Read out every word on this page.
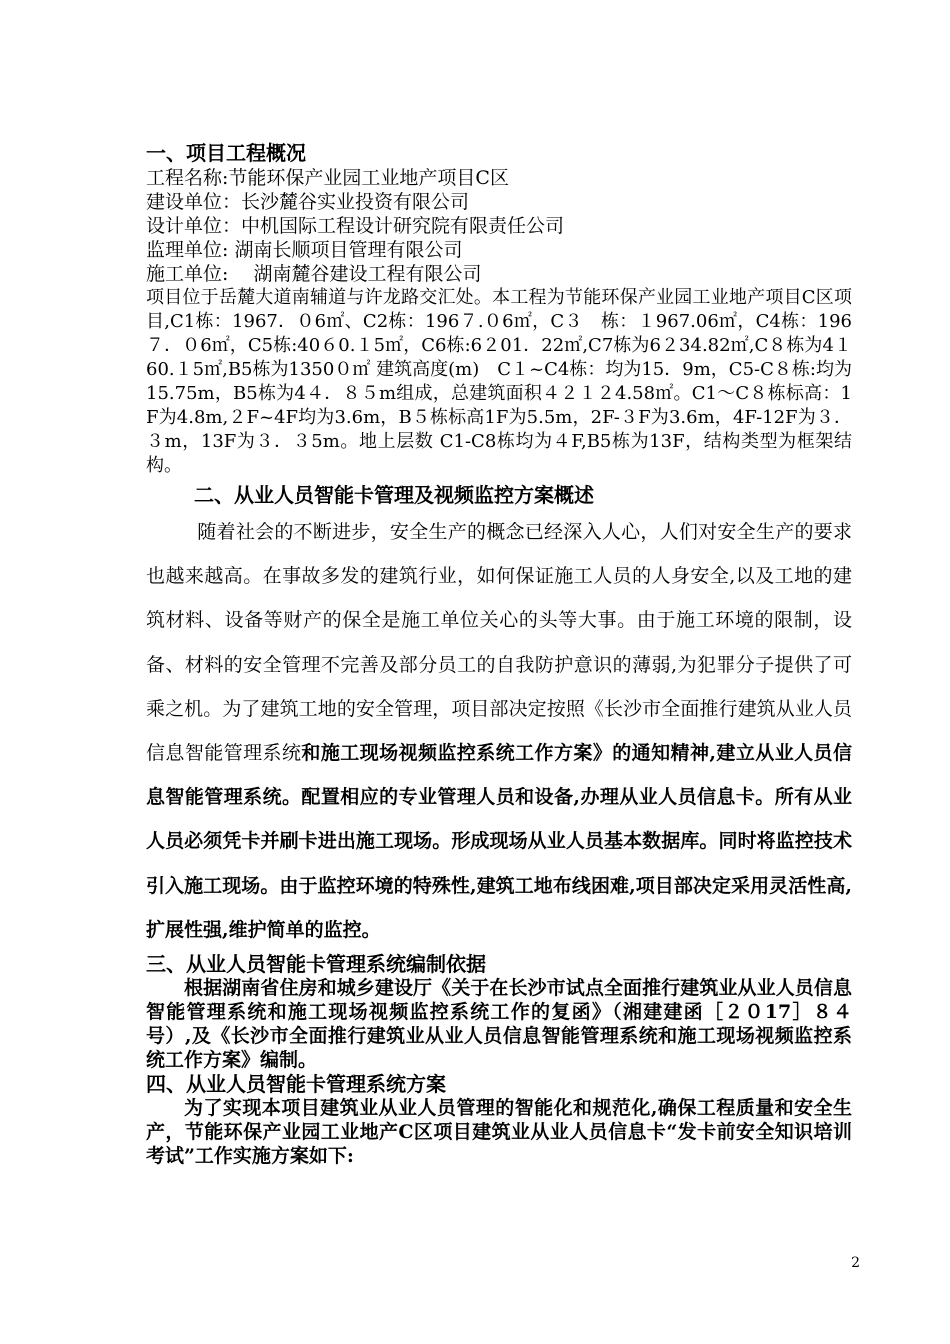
一、项目工程概况

工程名称:节能环保产业园工业地产项目C区

建设单位：长沙麓谷实业投资有限公司

设计单位：中机国际工程设计研究院有限责任公司

监理单位: 湖南长顺项目管理有限公司

施工单位:　 湖南麓谷建设工程有限公司

项目位于岳麓大道南辅道与许龙路交汇处。本工程为节能环保产业园工业地产项目C区项目,C1栋：1967．０6㎡、C2栋：196７.０6㎡，C３　栋：１967.06㎡，C4栋：196７．０6㎡，C5栋:40６0.１5㎡，C6栋:6２01．22㎡,C7栋为6２34.82㎡,C８栋为4１60.１5㎡,B5栋为1350０㎡ 建筑高度(m)　C１~C4栋：均为15．9m，C5-C８栋:均为15.75m，B5栋为4４．８５m组成，总建筑面积４２１２4.58㎡。C1～C８栋标高：1F为4.8m,２F~4F均为3.6m，B５栋标高1F为5.5m，2F-３F为3.6m，4F-12F为３．３m，13F为３．３5m。地上层数 C1-C8栋均为４F,B5栋为13F，结构类型为框架结构。

二、从业人员智能卡管理及视频监控方案概述

随着社会的不断进步，安全生产的概念已经深入人心，人们对安全生产的要求也越来越高。在事故多发的建筑行业，如何保证施工人员的人身安全,以及工地的建筑材料、设备等财产的保全是施工单位关心的头等大事。由于施工环境的限制，设备、材料的安全管理不完善及部分员工的自我防护意识的薄弱,为犯罪分子提供了可乘之机。为了建筑工地的安全管理，项目部决定按照《长沙市全面推行建筑从业人员信息智能管理系统和施工现场视频监控系统工作方案》的通知精神,建立从业人员信息智能管理系统。配置相应的专业管理人员和设备,办理从业人员信息卡。所有从业人员必须凭卡并刷卡进出施工现场。形成现场从业人员基本数据库。同时将监控技术引入施工现场。由于监控环境的特殊性,建筑工地布线困难,项目部决定采用灵活性高,扩展性强,维护简单的监控。

三、从业人员智能卡管理系统编制依据

根据湖南省住房和城乡建设厅《关于在长沙市试点全面推行建筑业从业人员信息智能管理系统和施工现场视频监控系统工作的复函》（湘建建函［２０17］８４号）,及《长沙市全面推行建筑业从业人员信息智能管理系统和施工现场视频监控系统工作方案》编制。

四、从业人员智能卡管理系统方案

为了实现本项目建筑业从业人员管理的智能化和规范化,确保工程质量和安全生产，节能环保产业园工业地产C区项目建筑业从业人员信息卡“发卡前安全知识培训考试”工作实施方案如下:

2
